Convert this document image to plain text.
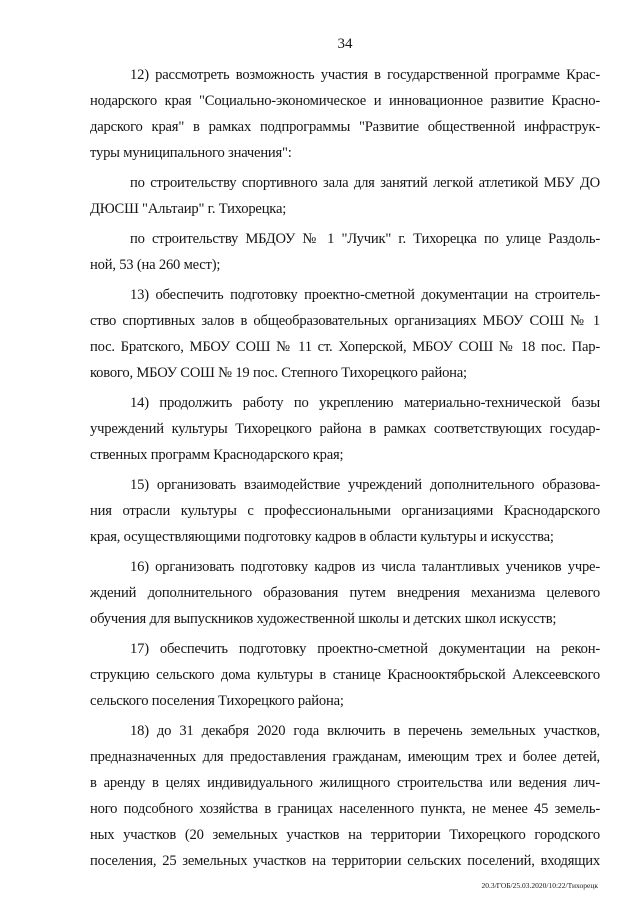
34
12) рассмотреть возможность участия в государственной программе Крас-
нодарского края "Социально-экономическое и инновационное развитие Красно-
дарского края" в рамках подпрограммы "Развитие общественной инфраструк-
туры муниципального значения":
по строительству спортивного зала для занятий легкой атлетикой МБУ ДО
ДЮСШ "Альтаир" г. Тихорецка;
по строительству МБДОУ № 1 "Лучик" г. Тихорецка по улице Раздоль-
ной, 53 (на 260 мест);
13) обеспечить подготовку проектно-сметной документации на строитель-
ство спортивных залов в общеобразовательных организациях МБОУ СОШ № 1
пос. Братского, МБОУ СОШ № 11 ст. Хоперской, МБОУ СОШ № 18 пос. Пар-
кового, МБОУ СОШ № 19 пос. Степного Тихорецкого района;
14) продолжить работу по укреплению материально-технической базы
учреждений культуры Тихорецкого района в рамках соответствующих государ-
ственных программ Краснодарского края;
15) организовать взаимодействие учреждений дополнительного образова-
ния отрасли культуры с профессиональными организациями Краснодарского
края, осуществляющими подготовку кадров в области культуры и искусства;
16) организовать подготовку кадров из числа талантливых учеников учре-
ждений дополнительного образования путем внедрения механизма целевого
обучения для выпускников художественной школы и детских школ искусств;
17) обеспечить подготовку проектно-сметной документации на рекон-
струкцию сельского дома культуры в станице Краснооктябрьской Алексеевского
сельского поселения Тихорецкого района;
18) до 31 декабря 2020 года включить в перечень земельных участков,
предназначенных для предоставления гражданам, имеющим трех и более детей,
в аренду в целях индивидуального жилищного строительства или ведения лич-
ного подсобного хозяйства в границах населенного пункта, не менее 45 земель-
ных участков (20 земельных участков на территории Тихорецкого городского
поселения, 25 земельных участков на территории сельских поселений, входящих
20.3/ГОБ/25.03.2020/10:22/Тихорецк
